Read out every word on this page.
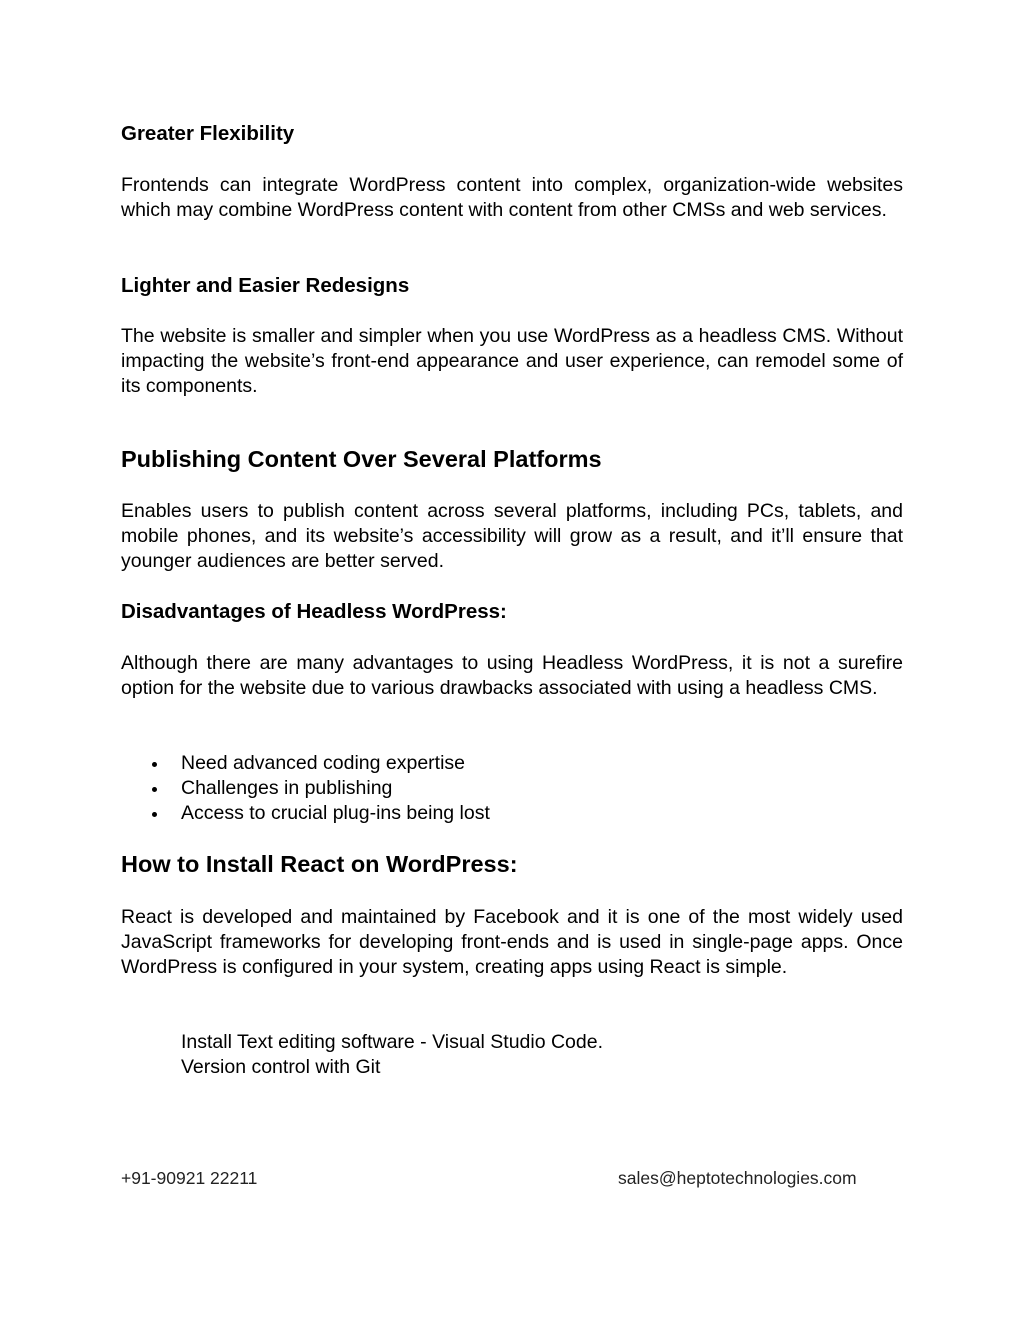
Greater Flexibility

Frontends can integrate WordPress content into complex, organization-wide websites which may combine WordPress content with content from other CMSs and web services.

Lighter and Easier Redesigns

The website is smaller and simpler when you use WordPress as a headless CMS. Without impacting the website’s front-end appearance and user experience, can remodel some of its components.

Publishing Content Over Several Platforms

Enables users to publish content across several platforms, including PCs, tablets, and mobile phones, and its website’s accessibility will grow as a result, and it’ll ensure that younger audiences are better served.

Disadvantages of Headless WordPress:

Although there are many advantages to using Headless WordPress, it is not a surefire option for the website due to various drawbacks associated with using a headless CMS.

Need advanced coding expertise
Challenges in publishing
Access to crucial plug-ins being lost
How to Install React on WordPress:

React is developed and maintained by Facebook and it is one of the most widely used JavaScript frameworks for developing front-ends and is used in single-page apps. Once WordPress is configured in your system, creating apps using React is simple.

Install Text editing software - Visual Studio Code.
Version control with Git
+91-90921 22211	sales@heptotechnologies.com
